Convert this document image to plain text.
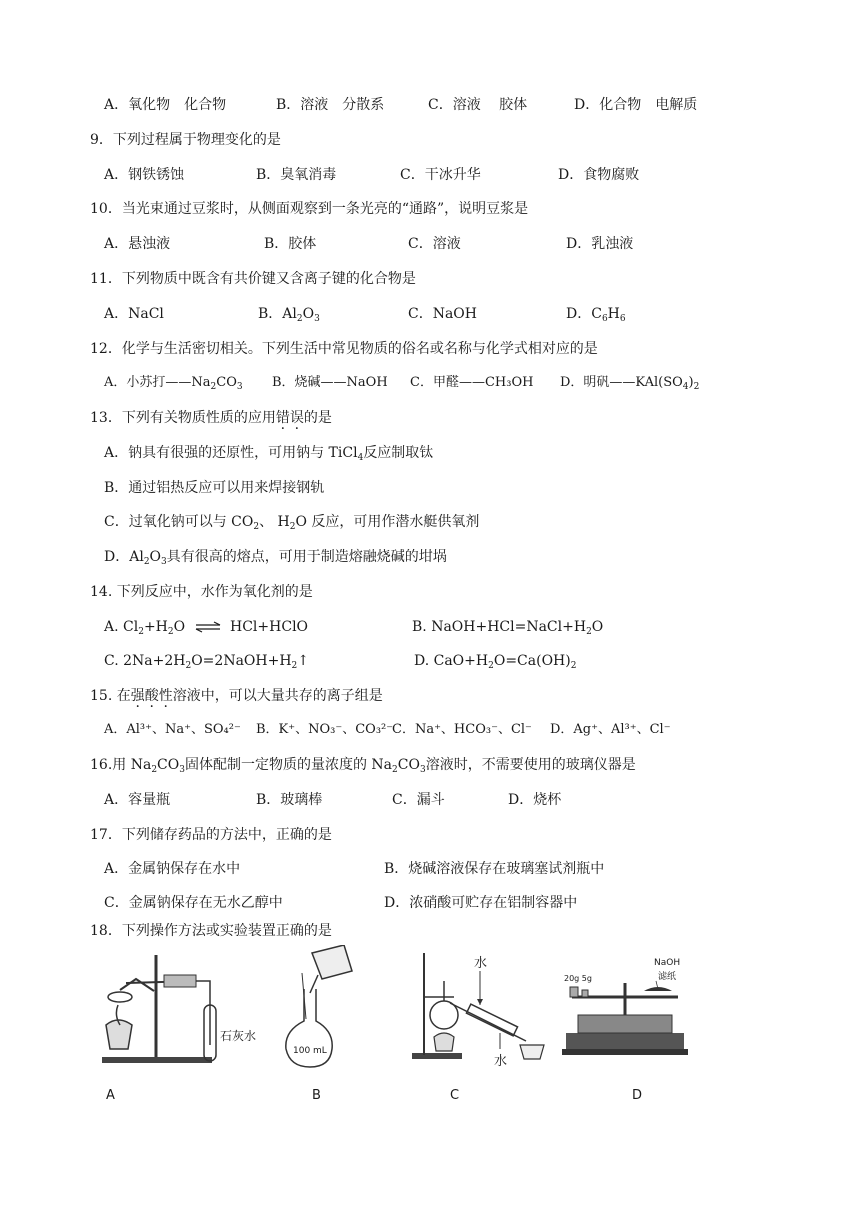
A．氧化物　化合物	B．溶液　分散系	C．溶液　 胶体	D．化合物　电解质
9．下列过程属于物理变化的是
A．钢铁锈蚀	B．臭氧消毒	C．干冰升华	D．食物腐败
10．当光束通过豆浆时，从侧面观察到一条光亮的“通路”，说明豆浆是
A．悬浊液	B．胶体	C．溶液	D．乳浊液
11．下列物质中既含有共价键又含离子键的化合物是
A．NaCl	B．$Al_2O_3$	C．NaOH	D．$C_6H_6$
12．化学与生活密切相关。下列生活中常见物质的俗名或名称与化学式相对应的是
A．小苏打$——Na_2CO_3$ B．烧碱——NaOH C．甲醛——CH₃OH D．明矾$——KAl(SO_4)_2$
13．下列有关物质性质的应用错误的是
A．钠具有很强的还原性，可用钠与 TiCl$_4$反应制取钛
B．通过铝热反应可以用来焊接钢轨
C．过氧化钠可以与 $CO_2$、 $H_2O$ 反应，可用作潜水艇供氧剂
D．$Al_2O_3$具有很高的熔点，可用于制造熔融烧碱的坩埚
14. 下列反应中，水作为氧化剂的是
A. $Cl_2+H_2O$ ⇌ HCl+HClO	B. $NaOH+HCl=NaCl+H_2O$
C. $2Na+2H_2O=2NaOH+H_2↑$	D. $CaO+H_2O=Ca(OH)_2$
15. 在强酸性溶液中，可以大量共存的离子组是
A．Al³⁺、Na⁺、SO₄²⁻ B．K⁺、NO₃⁻、CO₃²⁻
C．Na⁺、HCO₃⁻、Cl⁻ D．Ag⁺、Al³⁺、Cl⁻
16.用 $Na_2CO_3$固体配制一定物质的量浓度的 $Na_2CO_3$溶液时，不需要使用的玻璃仪器是
A．容量瓶	B．玻璃棒	C．漏斗	D．烧杯
17．下列储存药品的方法中，正确的是
A．金属钠保存在水中	B．烧碱溶液保存在玻璃塞试剂瓶中
C．金属钠保存在无水乙醇中	D．浓硝酸可贮存在铝制容器中
18．下列操作方法或实验装置正确的是
石灰水
100 mL
水
水
20g 5g
NaOH
滤纸
A	B	C	D
